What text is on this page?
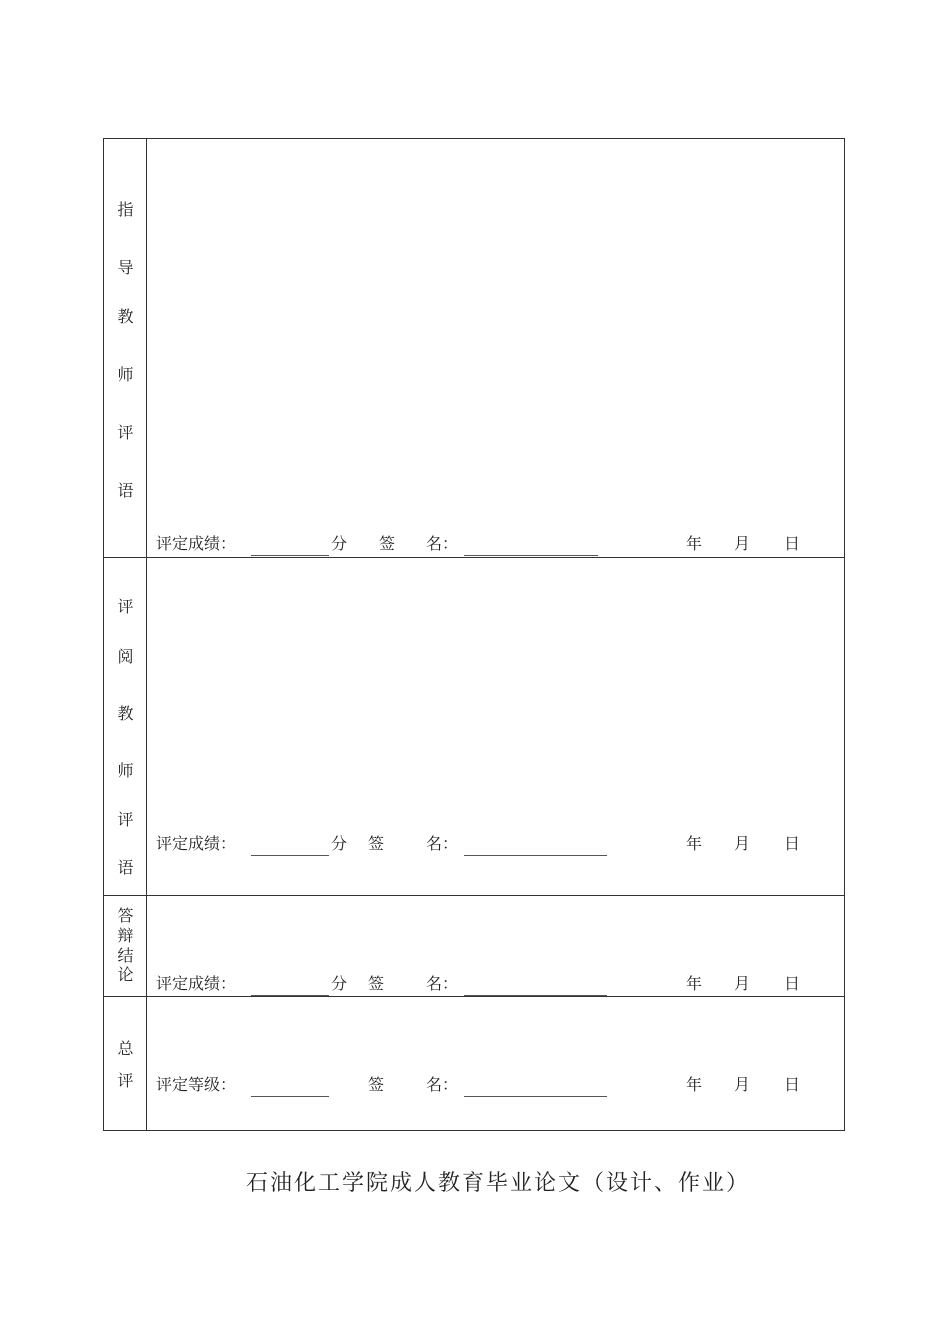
指
导
教
师
评
语
评定成绩：	分 签 名：	年 月 日
评
阅
教
师
评
语
评定成绩：	分 签	名：	年 月 日
答
辩
结
论	评定成绩：	分 签	名：	年 月 日
总
评	评定等级：	签	名：	年 月 日
石油化工学院成人教育毕业论文（设计、作业）
